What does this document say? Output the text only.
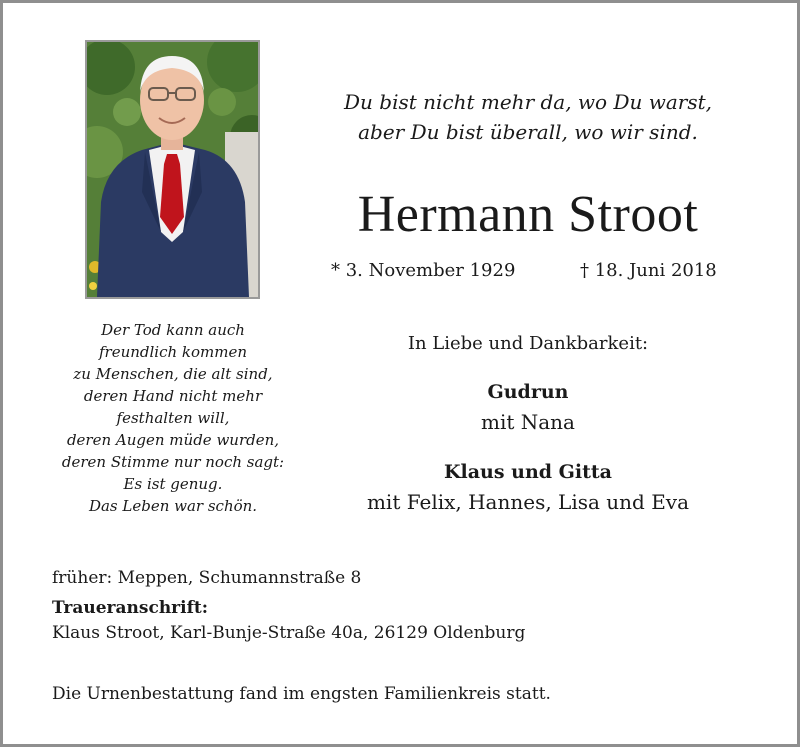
Du bist nicht mehr da, wo Du warst,
aber Du bist überall, wo wir sind.
Hermann Stroot
* 3. November 1929	† 18. Juni 2018
Der Tod kann auch
freundlich kommen
zu Menschen, die alt sind,
deren Hand nicht mehr
festhalten will,
deren Augen müde wurden,
deren Stimme nur noch sagt:
Es ist genug.
Das Leben war schön.
In Liebe und Dankbarkeit:
Gudrun
mit Nana
Klaus und Gitta
mit Felix, Hannes, Lisa und Eva
früher: Meppen, Schumannstraße 8
Traueranschrift:
Klaus Stroot, Karl-Bunje-Straße 40a, 26129 Oldenburg
Die Urnenbestattung fand im engsten Familienkreis statt.
